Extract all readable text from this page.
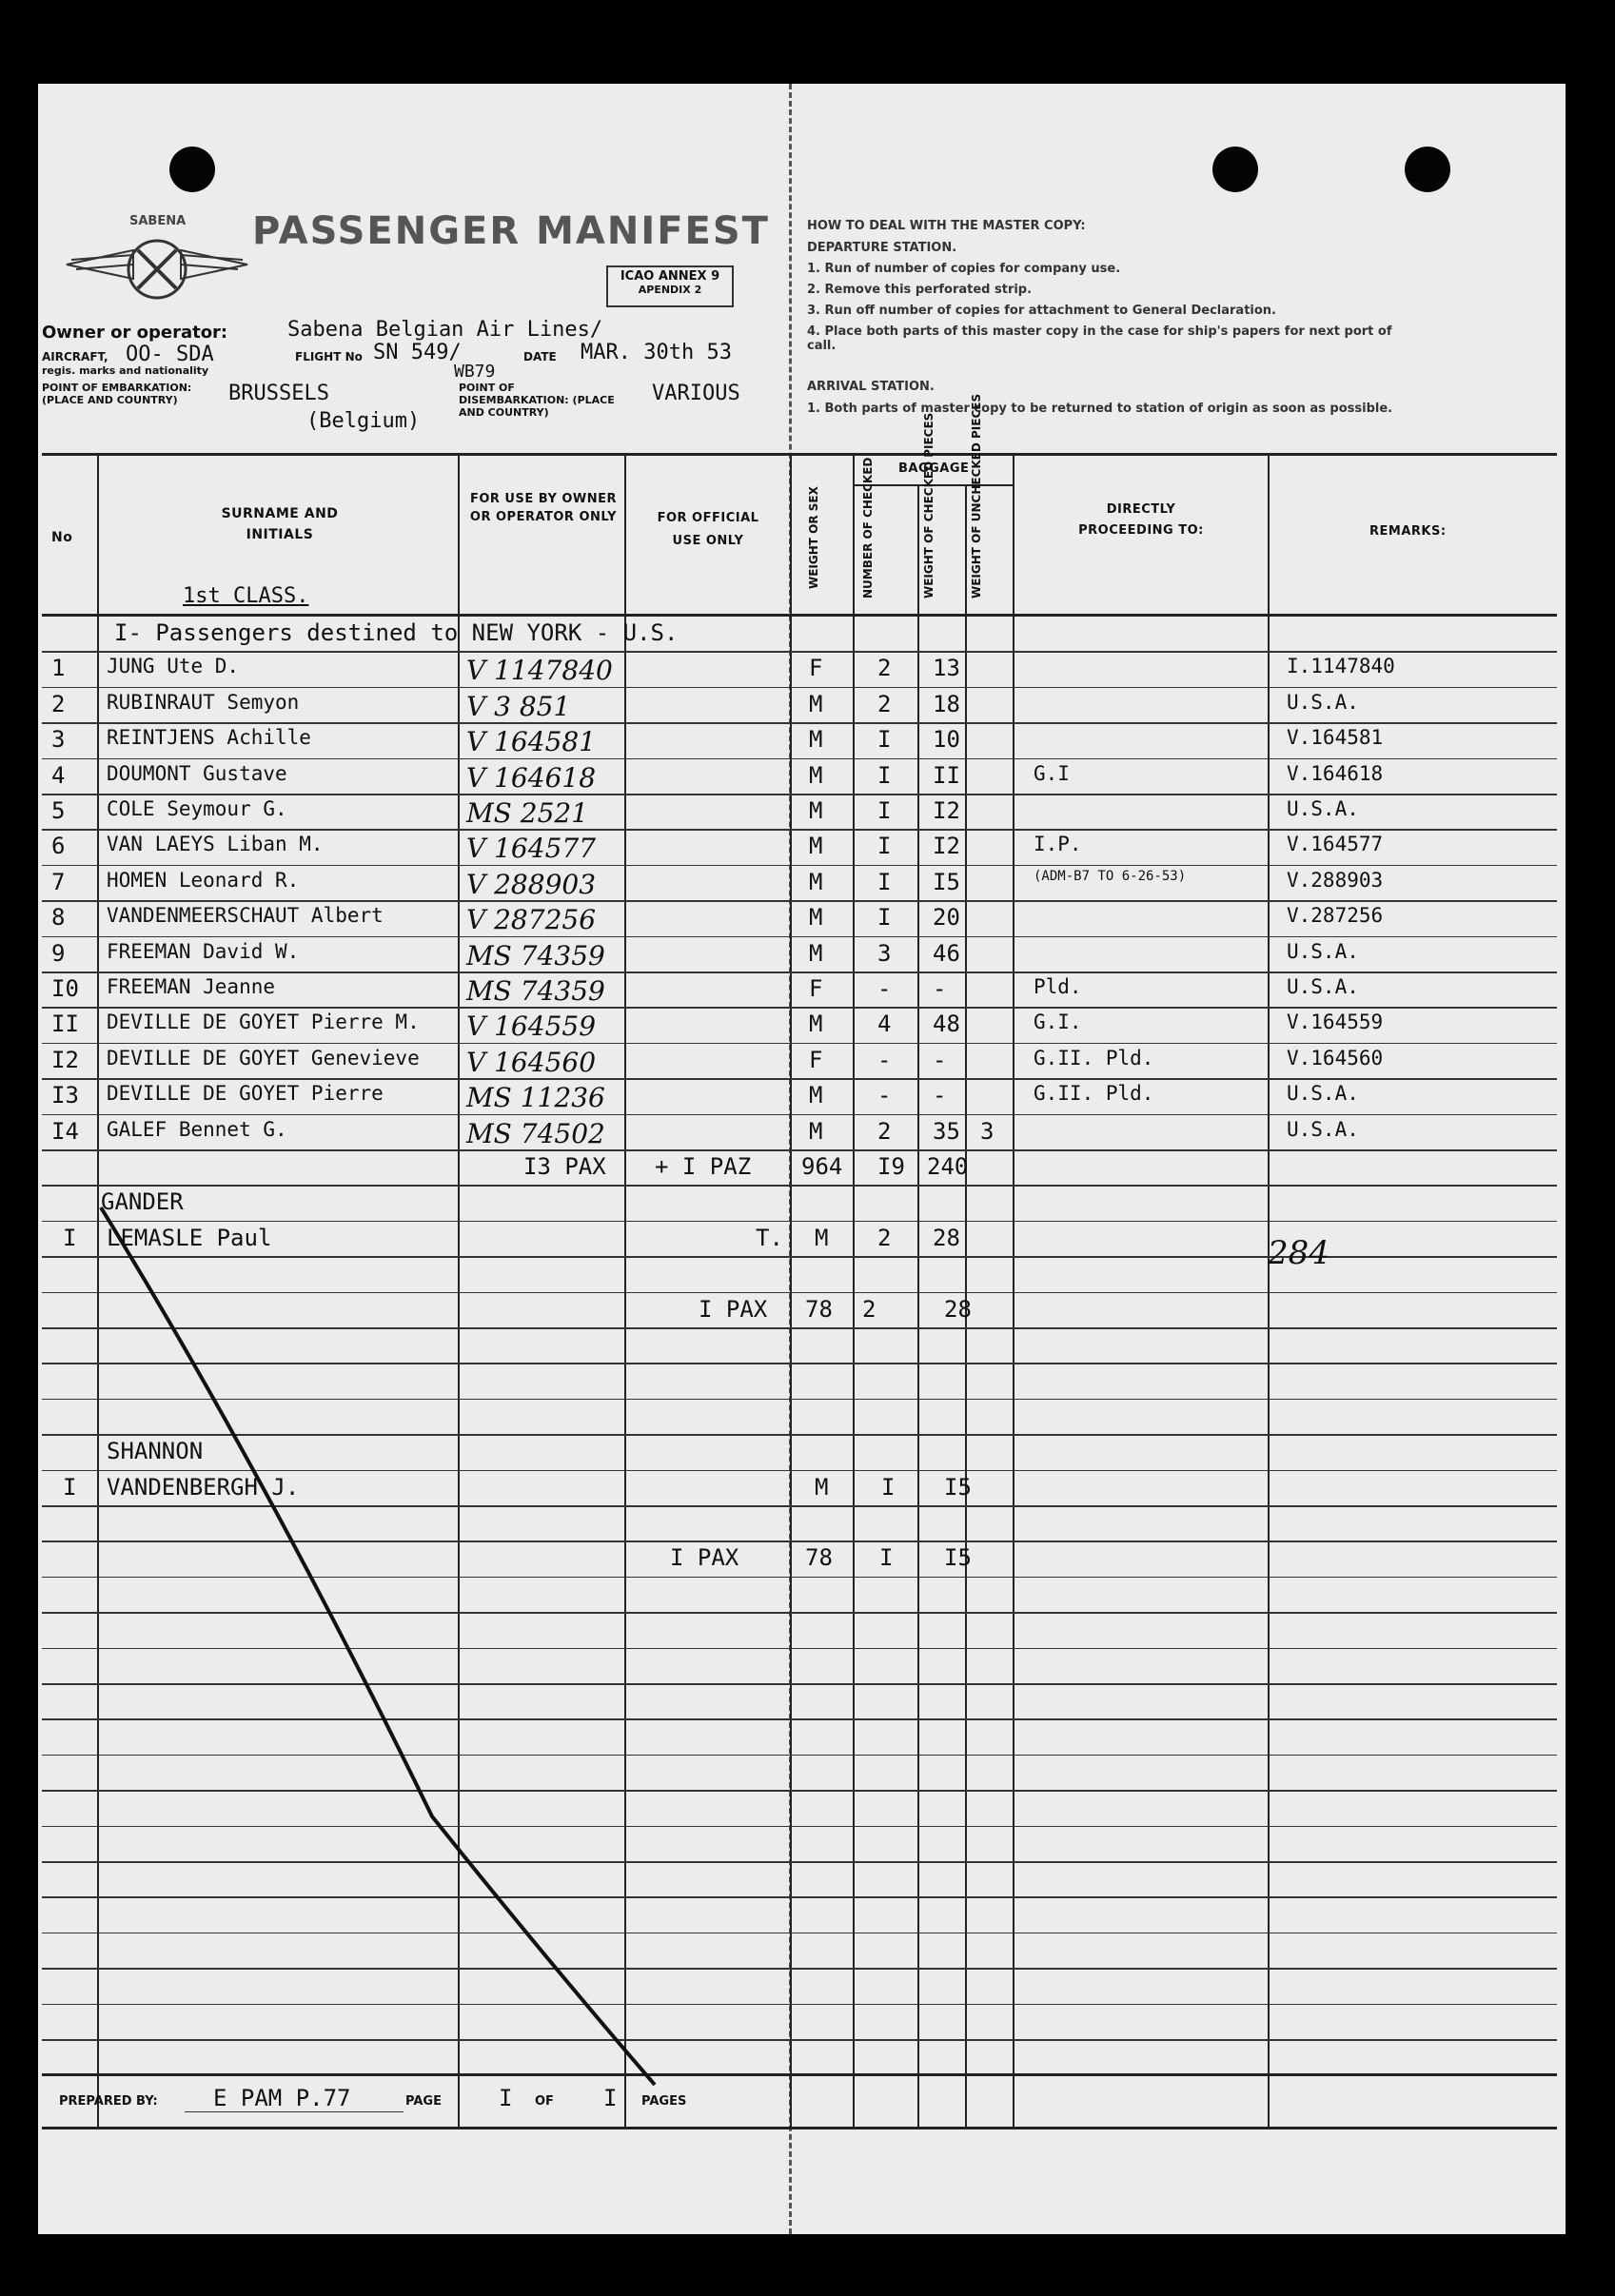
SABENA PASSENGER MANIFEST
ICAO ANNEX 9
APENDIX 2
Owner or operator:	Sabena Belgian Air Lines/
AIRCRAFT, OO- SDA
regis. marks and nationality
FLIGHT No SN 549/
WB79
DATE MAR. 30th 53
POINT OF EMBARKATION: (PLACE AND COUNTRY)	BRUSSELS
(Belgium)
POINT OF DISEMBARKATION: (PLACE AND COUNTRY)
VARIOUS
HOW TO DEAL WITH THE MASTER COPY:
DEPARTURE STATION.
1. Run of number of copies for company use.
2. Remove this perforated strip.
3. Run off number of copies for attachment to General Declaration.
4. Place both parts of this master copy in the case for ship's papers for next port of call.
ARRIVAL STATION.
1. Both parts of master copy to be returned to station of origin as soon as possible.
No
SURNAME AND INITIALS
1st CLASS.
FOR USE BY OWNER OR OPERATOR ONLY	FOR OFFICIAL USE ONLY	WEIGHT OR SEX
BAGGAGE
NUMBER OF CHECKED	WEIGHT OF CHECKED PIECES	WEIGHT OF UNCHECKED PIECES	DIRECTLY PROCEEDING TO:	REMARKS:
I- Passengers destined to NEW YORK - U.S.
1 JUNG Ute D.	V 1147840	F 2 13	I.1147840
2 RUBINRAUT Semyon	V 3 851	M 2 18	U.S.A.
3 REINTJENS Achille	V 164581	M I 10	V.164581
4 DOUMONT Gustave	V 164618	M I II	G.I	V.164618
5 COLE Seymour G.	MS 2521	M I I2	U.S.A.
6 VAN LAEYS Liban M.	V 164577	M I I2	I.P.	V.164577
7 HOMEN Leonard R.	V 288903	M I I5	(ADM-B7 TO 6-26-53)	V.288903
8 VANDENMEERSCHAUT Albert	V 287256	M I 20	V.287256
9 FREEMAN David W.	MS 74359	M 3 46	U.S.A.
I0 FREEMAN Jeanne	MS 74359	F - -	Pld.	U.S.A.
II DEVILLE DE GOYET Pierre M. V 164559	M 4 48	G.I.	V.164559
I2 DEVILLE DE GOYET Genevieve V 164560	F - -	G.II. Pld.	V.164560
I3 DEVILLE DE GOYET Pierre	MS 11236	M - -	G.II. Pld.	U.S.A.
I4 GALEF Bennet G.	MS 74502	M 2 35 3	U.S.A.
I3 PAX + I PAZ 964 I9 240
GANDER
I LEMASLE Paul	T. M 2 28	284
I PAX 78 2	28
SHANNON
I VANDENBERGH J.	M I I5
I PAX	78 I I5
PREPARED BY: E PAM P.77	PAGE	I OF I PAGES
